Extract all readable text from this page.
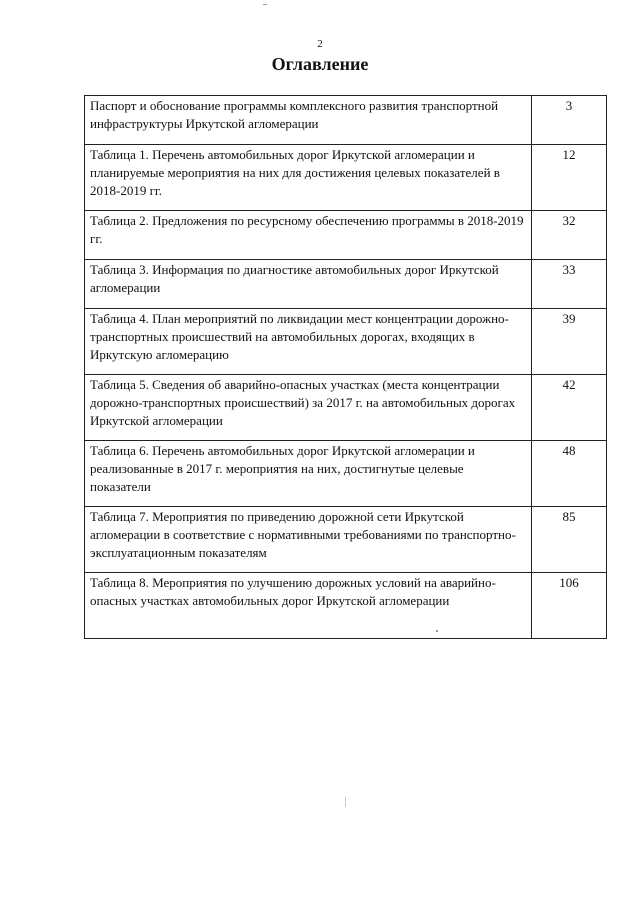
2
Оглавление
Паспорт и обоснование программы комплексного развития транспортной инфраструктуры Иркутской агломерации	3
Таблица 1. Перечень автомобильных дорог Иркутской агломерации и планируемые мероприятия на них для достижения целевых показателей в 2018-2019 гг.	12
Таблица 2. Предложения по ресурсному обеспечению программы в 2018-2019 гг.	32
Таблица 3. Информация по диагностике автомобильных дорог Иркутской агломерации	33
Таблица 4. План мероприятий по ликвидации мест концентрации дорожно-транспортных происшествий на автомобильных дорогах, входящих в Иркутскую агломерацию	39
Таблица 5. Сведения об аварийно-опасных участках (места концентрации дорожно-транспортных происшествий) за 2017 г. на автомобильных дорогах Иркутской агломерации	42
Таблица 6. Перечень автомобильных дорог Иркутской агломерации и реализованные в 2017 г. мероприятия на них, достигнутые целевые показатели	48
Таблица 7. Мероприятия по приведению дорожной сети Иркутской агломерации в соответствие с нормативными требованиями по транспортно-эксплуатационным показателям	85
Таблица 8. Мероприятия по улучшению дорожных условий на аварийно-опасных участках автомобильных дорог Иркутской агломерации	106
